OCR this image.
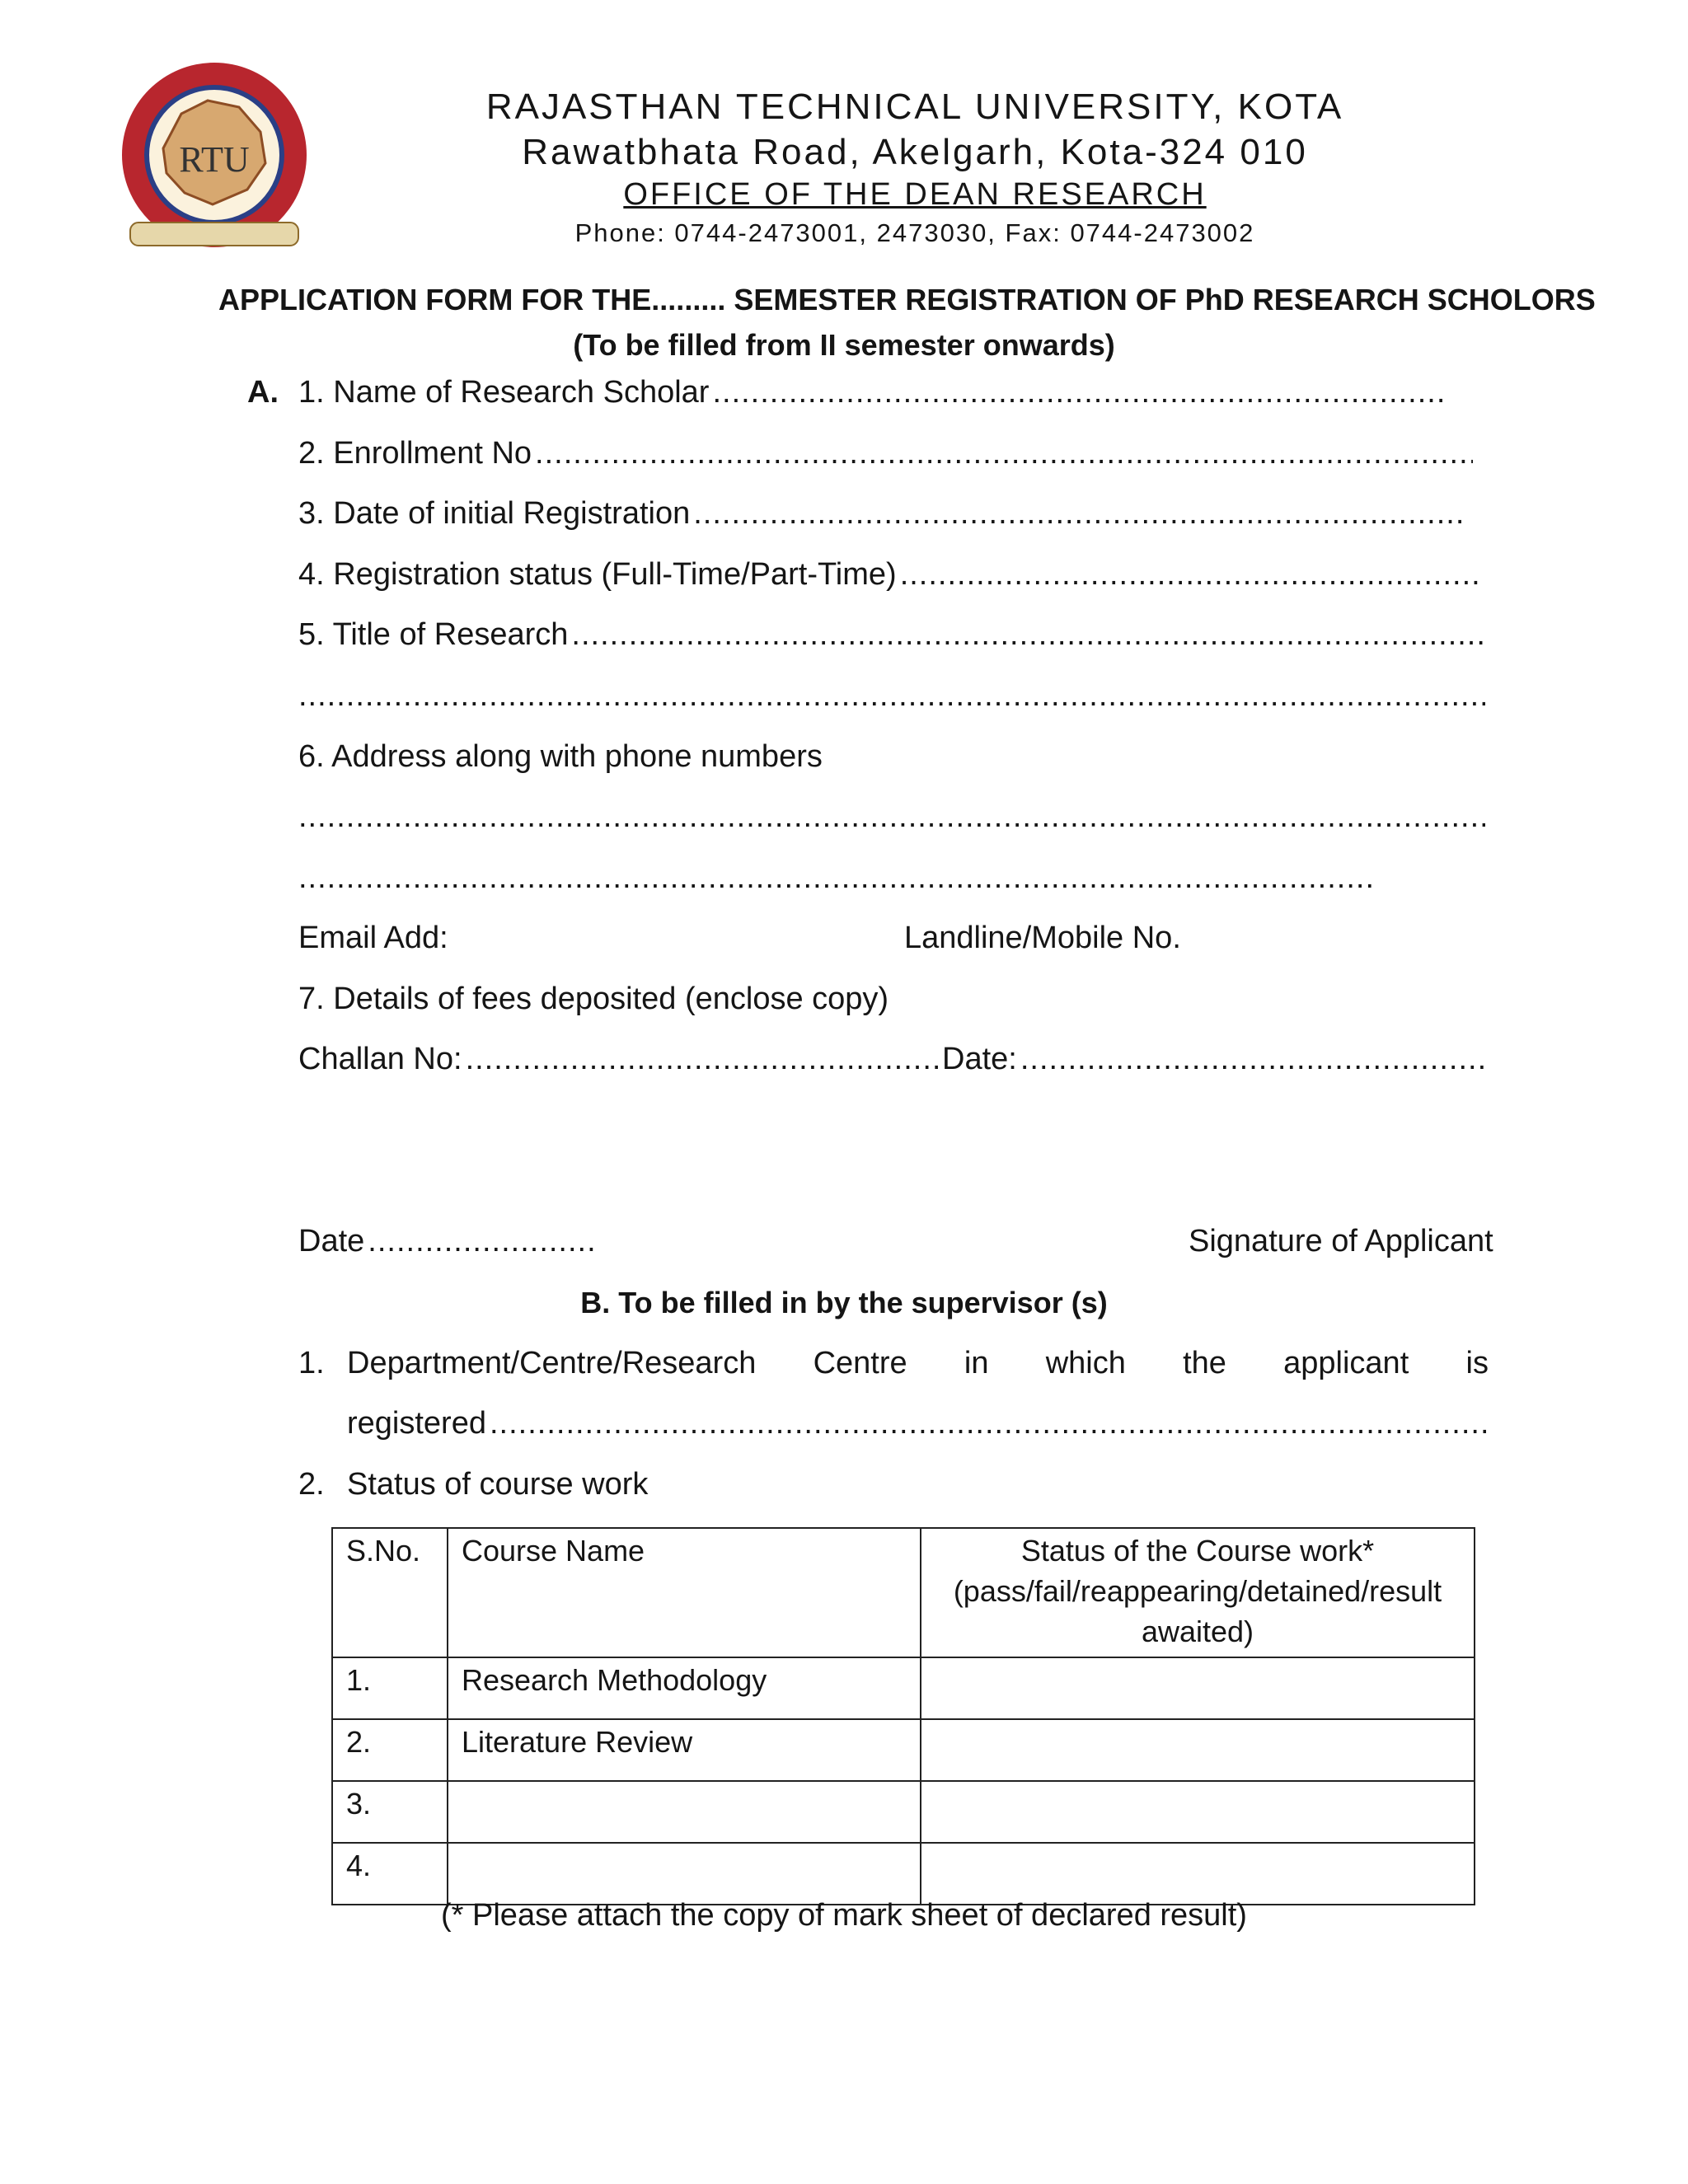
RTU
RAJASTHAN TECHNICAL UNIVERSITY, KOTA
Rawatbhata Road, Akelgarh, Kota-324 010
OFFICE OF THE DEAN RESEARCH
Phone: 0744-2473001, 2473030, Fax: 0744-2473002
APPLICATION FORM FOR THE......... SEMESTER REGISTRATION OF PhD RESEARCH SCHOLORS
(To be filled from II semester onwards)
A. 1. Name of Research Scholar
.....
2. Enrollment No
.....
3. Date of initial Registration
.....
4. Registration status (Full-Time/Part-Time)
.....
5. Title of Research
.....
.....
6. Address along with phone numbers
.....
.....
Email Add:	Landline/Mobile No.
7. Details of fees deposited (enclose copy)
Challan No: .....	Date:
.....
Date .....	Signature of Applicant
B. To be filled in by the supervisor (s)
1. Department/Centre/Research Centre in which the applicant is
registered
.....
2. Status of course work
S.No.	Course Name	Status of the Course work* (pass/fail/reappearing/detained/result awaited)
1.	Research Methodology	
2.	Literature Review	
3.		
4.		
(* Please attach the copy of mark sheet of declared result)
